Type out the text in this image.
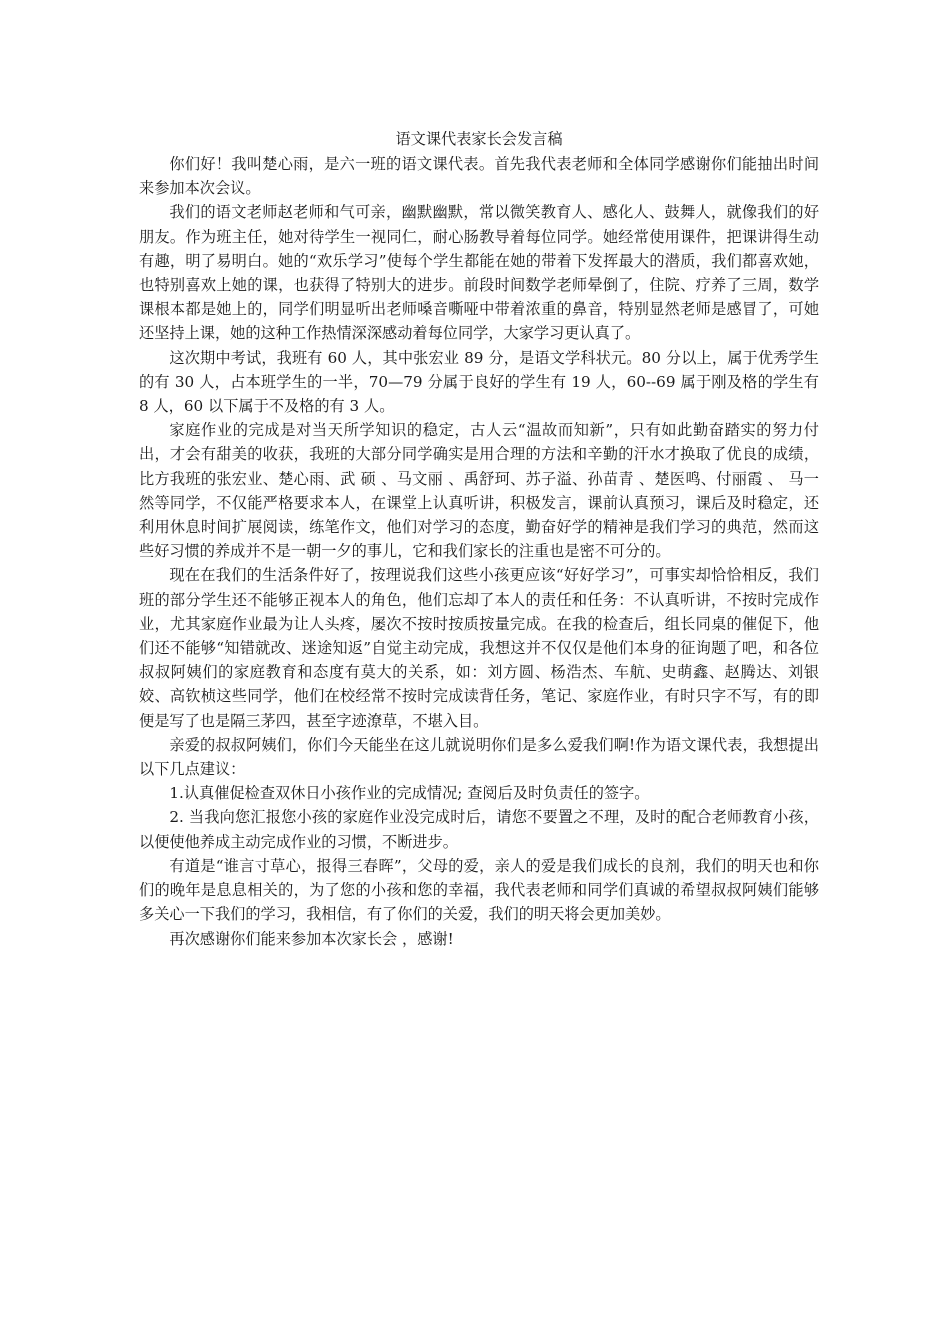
语文课代表家长会发言稿

你们好！我叫楚心雨，是六一班的语文课代表。首先我代表老师和全体同学感谢你们能抽出时间来参加本次会议。

我们的语文老师赵老师和气可亲，幽默幽默，常以微笑教育人、感化人、鼓舞人，就像我们的好朋友。作为班主任，她对待学生一视同仁，耐心肠教导着每位同学。她经常使用课件，把课讲得生动有趣，明了易明白。她的“欢乐学习”使每个学生都能在她的带着下发挥最大的潜质，我们都喜欢她，也特别喜欢上她的课，也获得了特别大的进步。前段时间数学老师晕倒了，住院、疗养了三周，数学课根本都是她上的，同学们明显听出老师嗓音嘶哑中带着浓重的鼻音，特别显然老师是感冒了，可她还坚持上课，她的这种工作热情深深感动着每位同学，大家学习更认真了。

这次期中考试，我班有 60 人，其中张宏业 89 分，是语文学科状元。80 分以上，属于优秀学生的有 30 人，占本班学生的一半，70—79 分属于良好的学生有 19 人，60--69 属于刚及格的学生有 8 人，60 以下属于不及格的有 3 人。

家庭作业的完成是对当天所学知识的稳定，古人云“温故而知新”，只有如此勤奋踏实的努力付出，才会有甜美的收获，我班的大部分同学确实是用合理的方法和辛勤的汗水才换取了优良的成绩，比方我班的张宏业、楚心雨、武 硕 、马文丽 、禹舒珂、苏子溢、孙苗青 、楚医鸣、付丽霞 、 马一然等同学，不仅能严格要求本人，在课堂上认真听讲，积极发言，课前认真预习，课后及时稳定，还利用休息时间扩展阅读，练笔作文，他们对学习的态度，勤奋好学的精神是我们学习的典范，然而这些好习惯的养成并不是一朝一夕的事儿，它和我们家长的注重也是密不可分的。

现在在我们的生活条件好了，按理说我们这些小孩更应该“好好学习”，可事实却恰恰相反，我们班的部分学生还不能够正视本人的角色，他们忘却了本人的责任和任务：不认真听讲，不按时完成作业，尤其家庭作业最为让人头疼，屡次不按时按质按量完成。在我的检查后，组长同桌的催促下，他们还不能够“知错就改、迷途知返”自觉主动完成，我想这并不仅仅是他们本身的征询题了吧，和各位叔叔阿姨们的家庭教育和态度有莫大的关系，如：刘方圆、杨浩杰、车航、史萌鑫、赵腾达、刘银姣、高钦桢这些同学，他们在校经常不按时完成读背任务，笔记、家庭作业，有时只字不写，有的即便是写了也是隔三茅四，甚至字迹潦草，不堪入目。

亲爱的叔叔阿姨们，你们今天能坐在这儿就说明你们是多么爱我们啊!作为语文课代表，我想提出以下几点建议：

1.认真催促检查双休日小孩作业的完成情况; 查阅后及时负责任的签字。

2. 当我向您汇报您小孩的家庭作业没完成时后，请您不要置之不理，及时的配合老师教育小孩，以便使他养成主动完成作业的习惯，不断进步。

有道是“谁言寸草心，报得三春晖”，父母的爱，亲人的爱是我们成长的良剂，我们的明天也和你们的晚年是息息相关的，为了您的小孩和您的幸福，我代表老师和同学们真诚的希望叔叔阿姨们能够多关心一下我们的学习，我相信，有了你们的关爱，我们的明天将会更加美妙。

再次感谢你们能来参加本次家长会 ，感谢!
